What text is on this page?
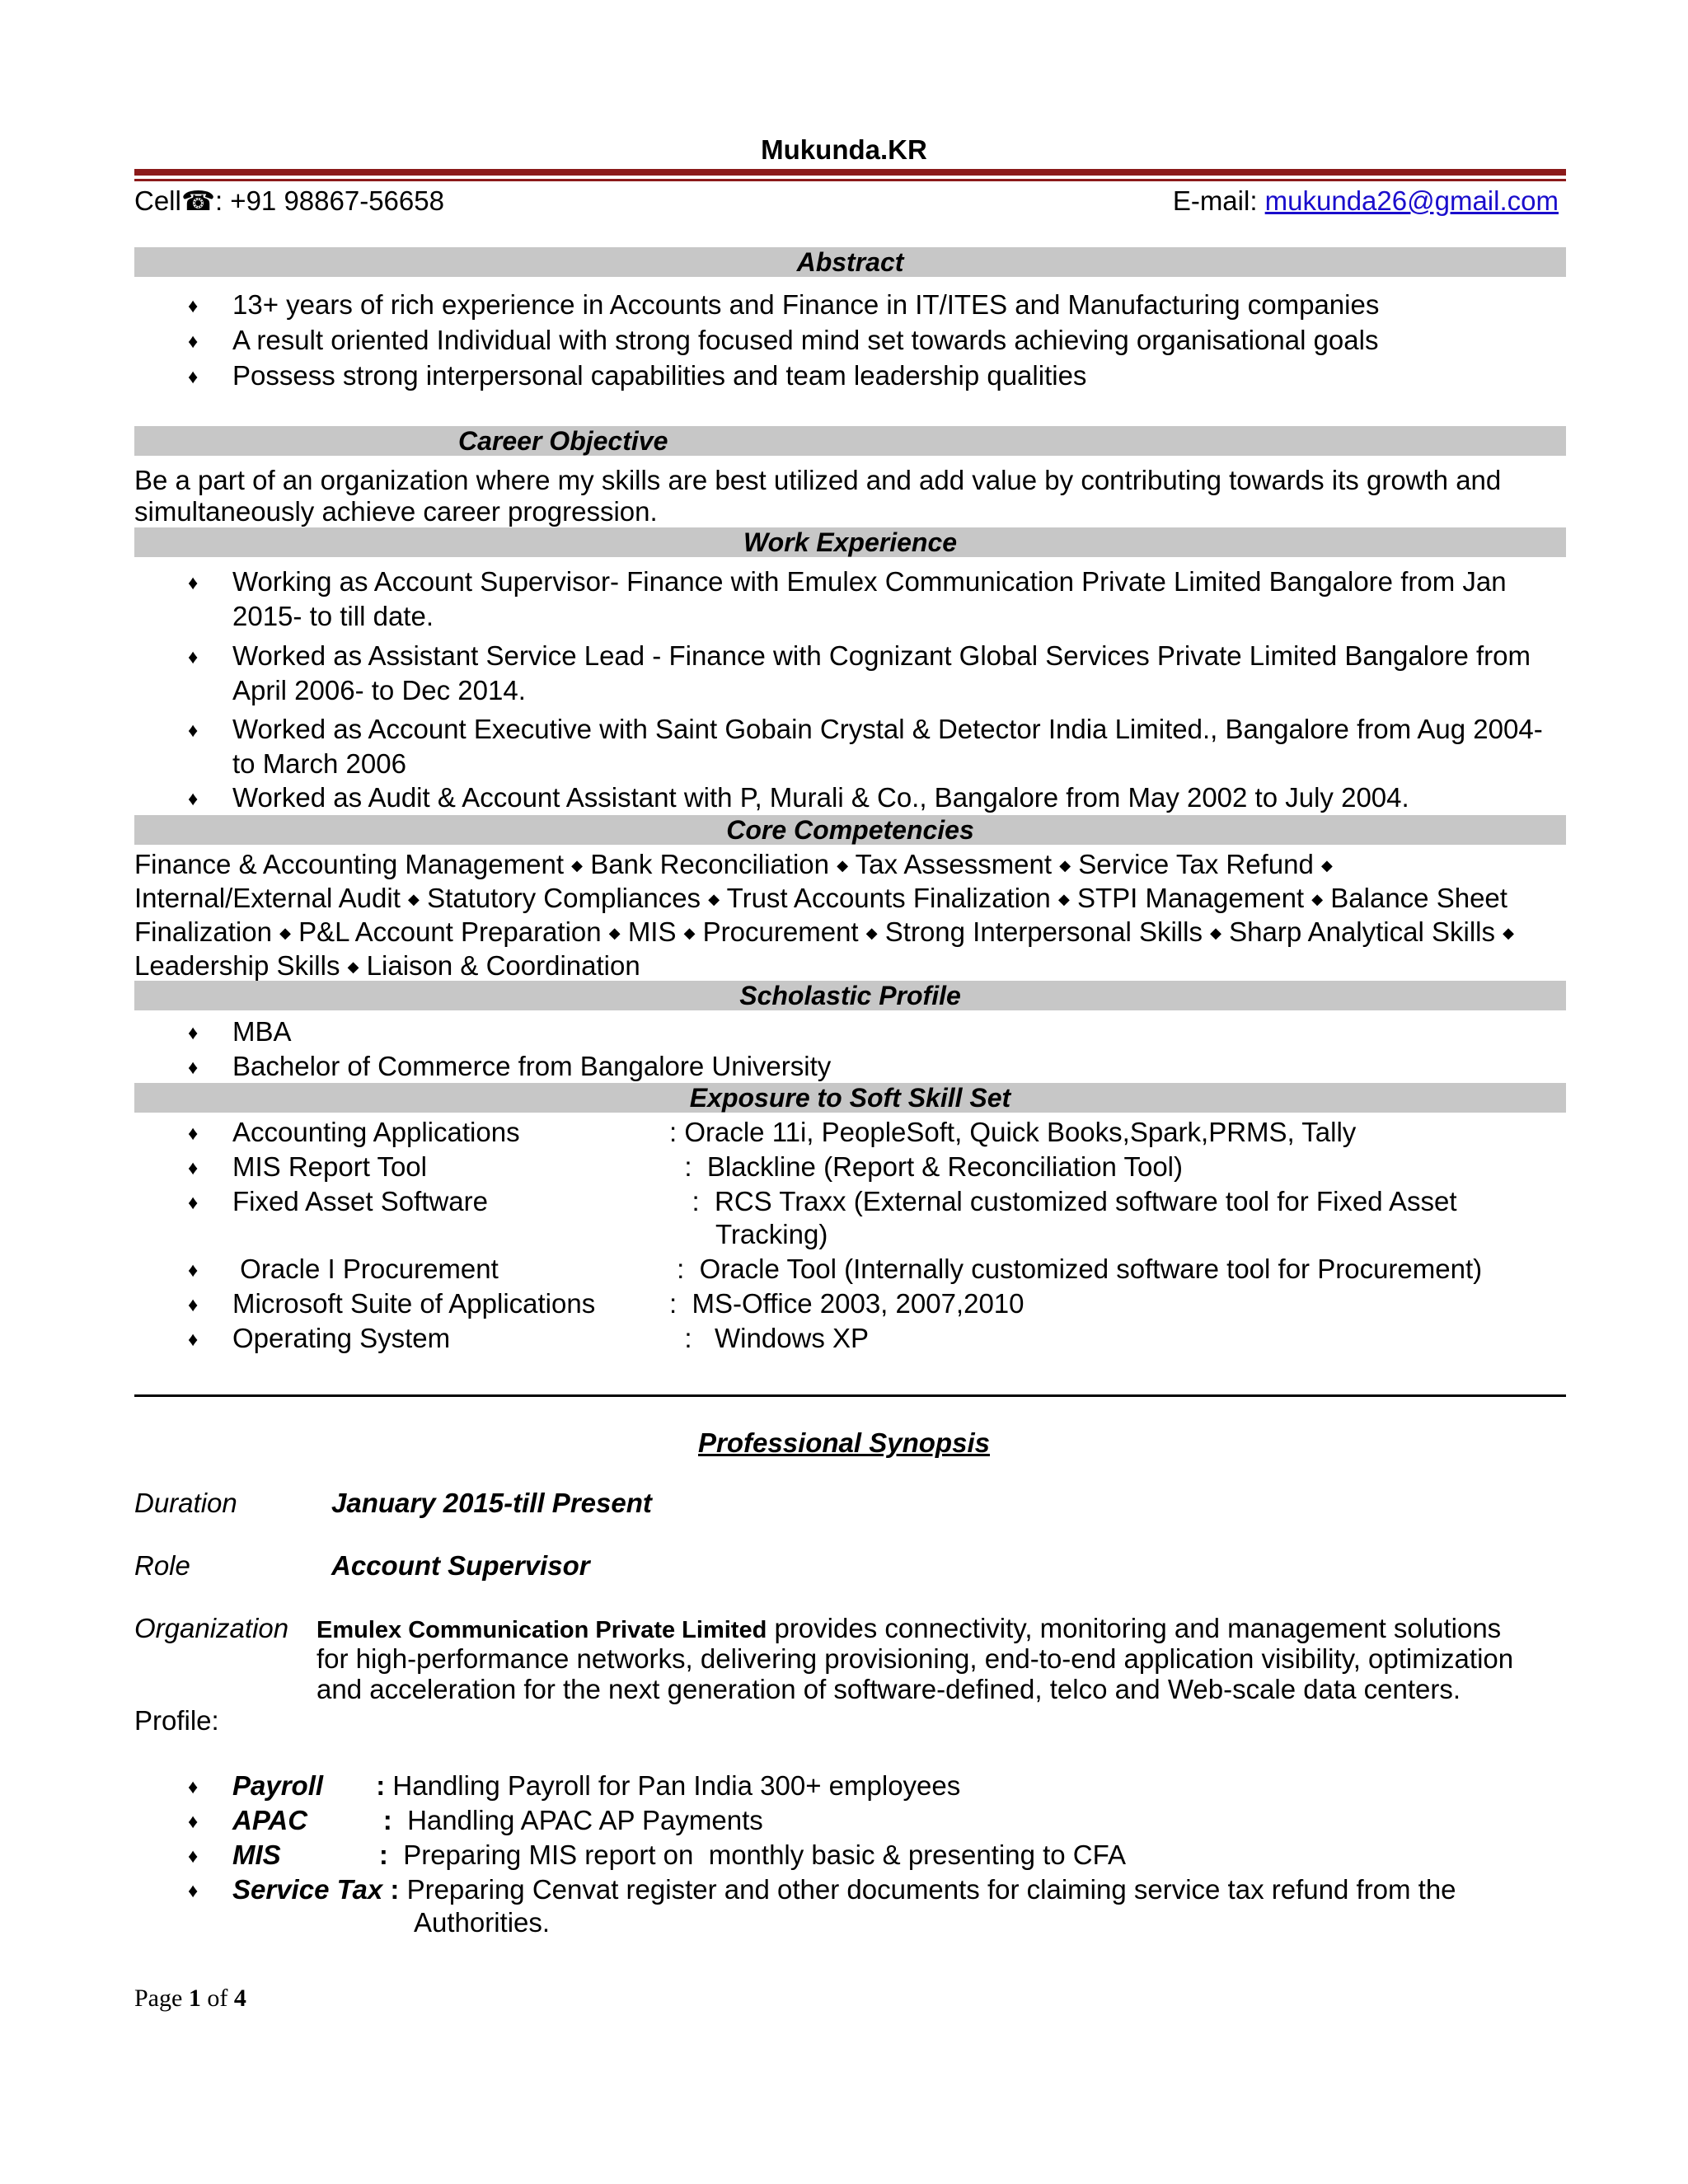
Mukunda.KR
Cell☎: +91 98867-56658	E-mail: mukunda26@gmail.com
Abstract
♦ 13+ years of rich experience in Accounts and Finance in IT/ITES and Manufacturing companies
♦ A result oriented Individual with strong focused mind set towards achieving organisational goals
♦ Possess strong interpersonal capabilities and team leadership qualities
Career Objective
Be a part of an organization where my skills are best utilized and add value by contributing towards its growth and
simultaneously achieve career progression.
Work Experience
♦ Working as Account Supervisor- Finance with Emulex Communication Private Limited Bangalore from Jan
2015- to till date.
♦ Worked as Assistant Service Lead - Finance with Cognizant Global Services Private Limited Bangalore from
April 2006- to Dec 2014.
♦ Worked as Account Executive with Saint Gobain Crystal & Detector India Limited., Bangalore from Aug 2004-
to March 2006
♦ Worked as Audit & Account Assistant with P, Murali & Co., Bangalore from May 2002 to July 2004.
Core Competencies
Finance & Accounting Management ◆ Bank Reconciliation ◆ Tax Assessment ◆ Service Tax Refund ◆
Internal/External Audit ◆ Statutory Compliances ◆ Trust Accounts Finalization ◆ STPI Management ◆ Balance Sheet
Finalization ◆ P&L Account Preparation ◆ MIS ◆ Procurement ◆ Strong Interpersonal Skills ◆ Sharp Analytical Skills ◆
Leadership Skills ◆ Liaison & Coordination
Scholastic Profile
♦ MBA
♦ Bachelor of Commerce from Bangalore University
Exposure to Soft Skill Set
♦ Accounting Applications	: Oracle 11i, PeopleSoft, Quick Books,Spark,PRMS, Tally
♦ MIS Report Tool	:  Blackline (Report & Reconciliation Tool)
♦ Fixed Asset Software	:  RCS Traxx (External customized software tool for Fixed Asset
Tracking)
♦ Oracle I Procurement	:  Oracle Tool (Internally customized software tool for Procurement)
♦ Microsoft Suite of Applications	:  MS-Office 2003, 2007,2010
♦ Operating System	:   Windows XP
Professional Synopsis
Duration	January 2015-till Present
Role	Account Supervisor
Organization Emulex Communication Private Limited provides connectivity, monitoring and management solutions
for high-performance networks, delivering provisioning, end-to-end application visibility, optimization
and acceleration for the next generation of software-defined, telco and Web-scale data centers.
Profile:
♦ Payroll       : Handling Payroll for Pan India 300+ employees
♦ APAC          :  Handling APAC AP Payments
♦ MIS             :  Preparing MIS report on  monthly basic & presenting to CFA
♦ Service Tax : Preparing Cenvat register and other documents for claiming service tax refund from the
Authorities.
Page 1 of 4
